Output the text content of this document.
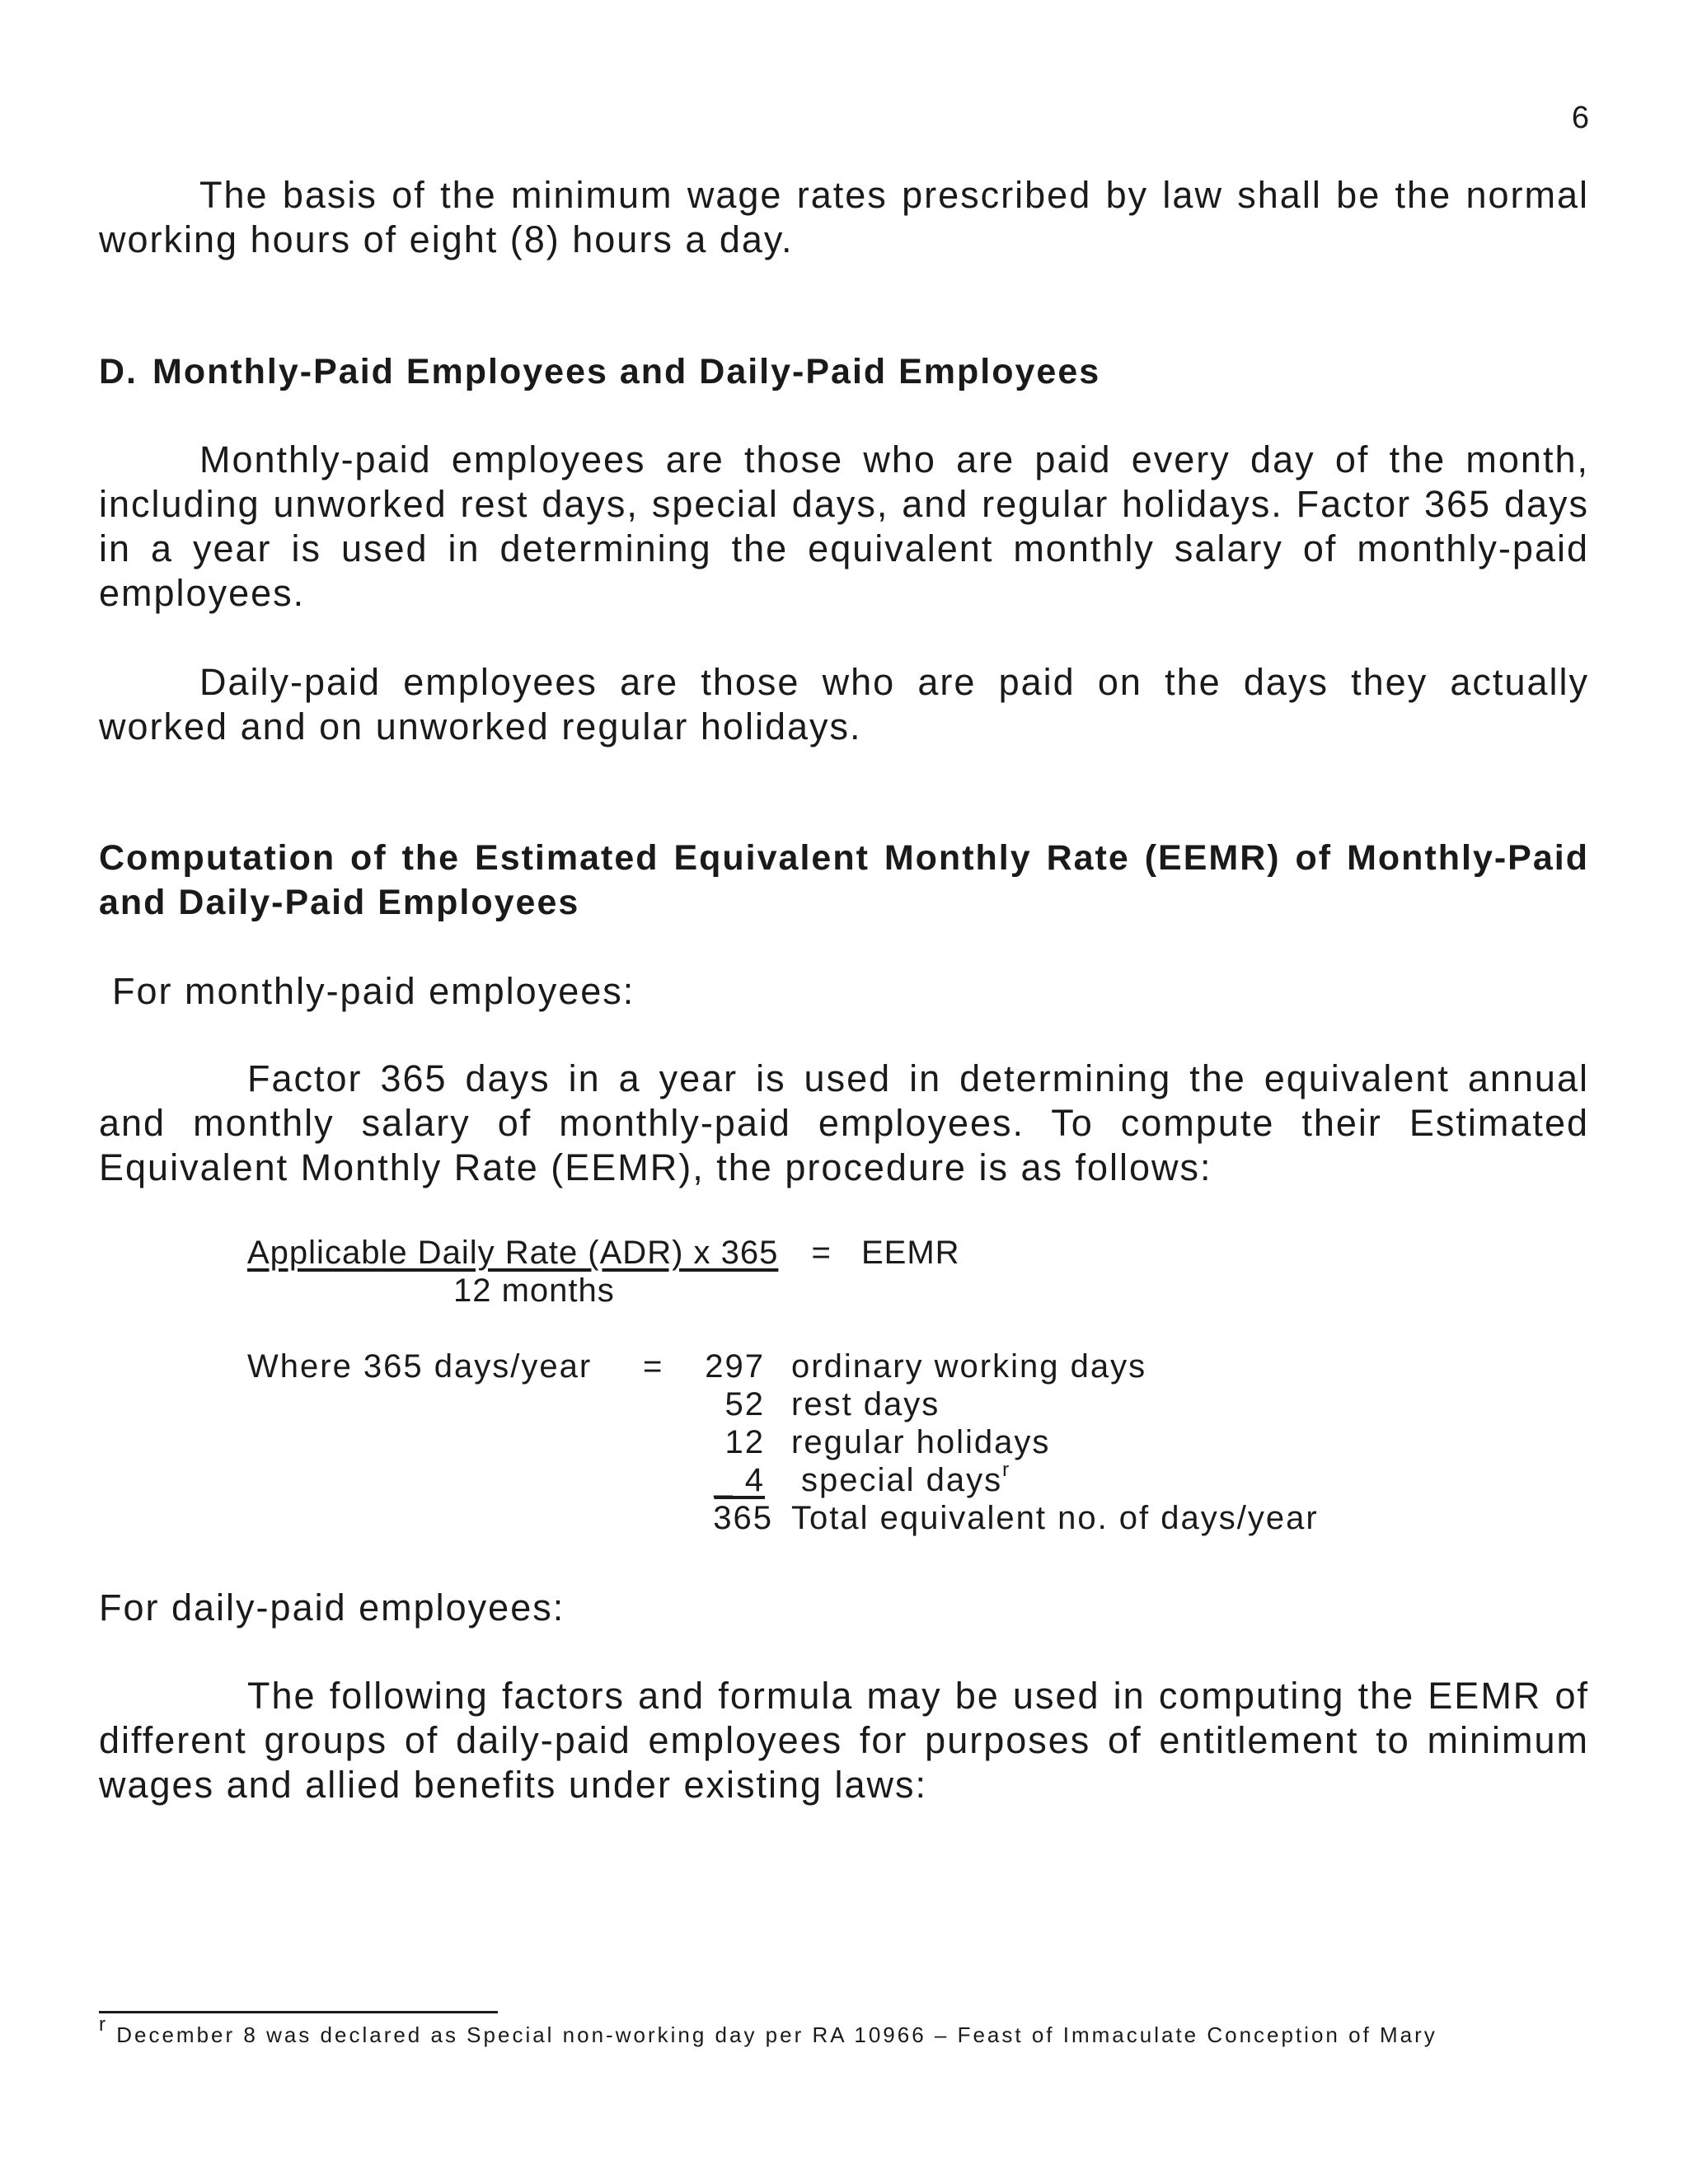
6

The basis of the minimum wage rates prescribed by law shall be the normal working hours of eight (8) hours a day.

D. Monthly-Paid Employees and Daily-Paid Employees

Monthly-paid employees are those who are paid every day of the month, including unworked rest days, special days, and regular holidays. Factor 365 days in a year is used in determining the equivalent monthly salary of monthly-paid employees.

Daily-paid employees are those who are paid on the days they actually worked and on unworked regular holidays.

Computation of the Estimated Equivalent Monthly Rate (EEMR) of Monthly-Paid and Daily-Paid Employees

For monthly-paid employees:

Factor 365 days in a year is used in determining the equivalent annual and monthly salary of monthly-paid employees. To compute their Estimated Equivalent Monthly Rate (EEMR), the procedure is as follows:

Applicable Daily Rate (ADR) x 365 = EEMR
12 months
Where 365 days/year =	297 ordinary working days
52 rest days
12 regular holidays
_ 4 special days$^r$
365 Total equivalent no. of days/year

For daily-paid employees:

The following factors and formula may be used in computing the EEMR of different groups of daily-paid employees for purposes of entitlement to minimum wages and allied benefits under existing laws:

$^r$ December 8 was declared as Special non-working day per RA 10966 – Feast of Immaculate Conception of Mary
